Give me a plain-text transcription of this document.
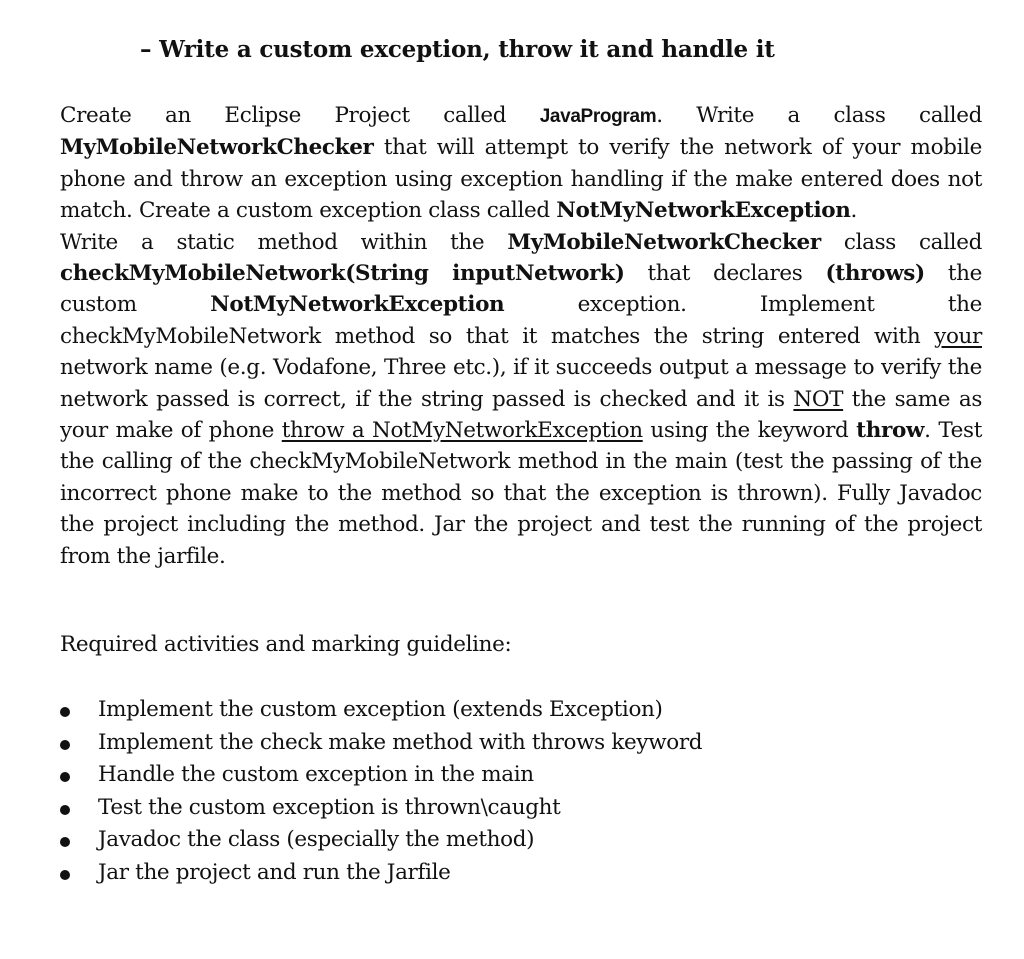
– Write a custom exception, throw it and handle it

Create an Eclipse Project called JavaProgram. Write a class called MyMobileNetworkChecker that will attempt to verify the network of your mobile phone and throw an exception using exception handling if the make entered does not match. Create a custom exception class called NotMyNetworkException.

Write a static method within the MyMobileNetworkChecker class called checkMyMobileNetwork(String inputNetwork) that declares (throws) the custom NotMyNetworkException exception. Implement the checkMyMobileNetwork method so that it matches the string entered with your network name (e.g. Vodafone, Three etc.), if it succeeds output a message to verify the network passed is correct, if the string passed is checked and it is NOT the same as your make of phone throw a NotMyNetworkException using the keyword throw. Test the calling of the checkMyMobileNetwork method in the main (test the passing of the incorrect phone make to the method so that the exception is thrown). Fully Javadoc the project including the method. Jar the project and test the running of the project from the jarfile.

Required activities and marking guideline:
Implement the custom exception (extends Exception)
Implement the check make method with throws keyword
Handle the custom exception in the main
Test the custom exception is thrown\caught
Javadoc the class (especially the method)
Jar the project and run the Jarfile
